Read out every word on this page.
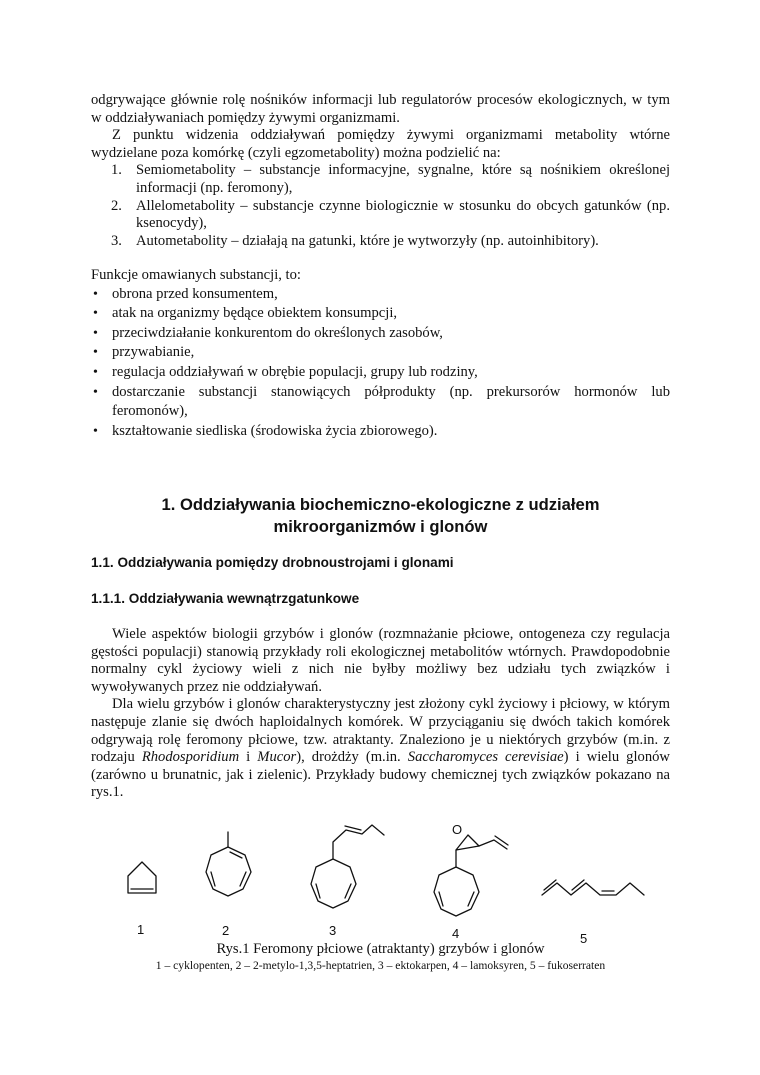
odgrywające głównie rolę nośników informacji lub regulatorów procesów ekologicznych, w tym w oddziaływaniach pomiędzy żywymi organizmami.

Z punktu widzenia oddziaływań pomiędzy żywymi organizmami metabolity wtórne wydzielane poza komórkę (czyli egzometabolity) można podzielić na:

1. Semiometabolity – substancje informacyjne, sygnalne, które są nośnikiem określonej informacji (np. feromony),
2. Allelometabolity – substancje czynne biologicznie w stosunku do obcych gatunków (np. ksenocydy),
3. Autometabolity – działają na gatunki, które je wytworzyły (np. autoinhibitory).

Funkcje omawianych substancji, to:

• obrona przed konsumentem,
• atak na organizmy będące obiektem konsumpcji,
• przeciwdziałanie konkurentom do określonych zasobów,
• przywabianie,
• regulacja oddziaływań w obrębie populacji, grupy lub rodziny,
• dostarczanie substancji stanowiących półprodukty (np. prekursorów hormonów lub feromonów),
• kształtowanie siedliska (środowiska życia zbiorowego).
1. Oddziaływania biochemiczno-ekologiczne z udziałem mikroorganizmów i glonów
1.1. Oddziaływania pomiędzy drobnoustrojami i glonami
1.1.1. Oddziaływania wewnątrzgatunkowe

Wiele aspektów biologii grzybów i glonów (rozmnażanie płciowe, ontogeneza czy regulacja gęstości populacji) stanowią przykłady roli ekologicznej metabolitów wtórnych. Prawdopodobnie normalny cykl życiowy wieli z nich nie byłby możliwy bez udziału tych związków i wywoływanych przez nie oddziaływań.

Dla wielu grzybów i glonów charakterystyczny jest złożony cykl życiowy i płciowy, w którym następuje zlanie się dwóch haploidalnych komórek. W przyciąganiu się dwóch takich komórek odgrywają rolę feromony płciowe, tzw. atraktanty. Znaleziono je u niektórych grzybów (m.in. z rodzaju Rhodosporidium i Mucor), drożdży (m.in. Saccharomyces cerevisiae) i wielu glonów (zarówno u brunatnic, jak i zielenic). Przykłady budowy chemicznej tych związków pokazano na rys.1.

O
1	2	3	4	5
Rys.1 Feromony płciowe (atraktanty) grzybów i glonów
1 – cyklopenten, 2 – 2-metylo-1,3,5-heptatrien, 3 – ektokarpen, 4 – lamoksyren, 5 – fukoserraten
